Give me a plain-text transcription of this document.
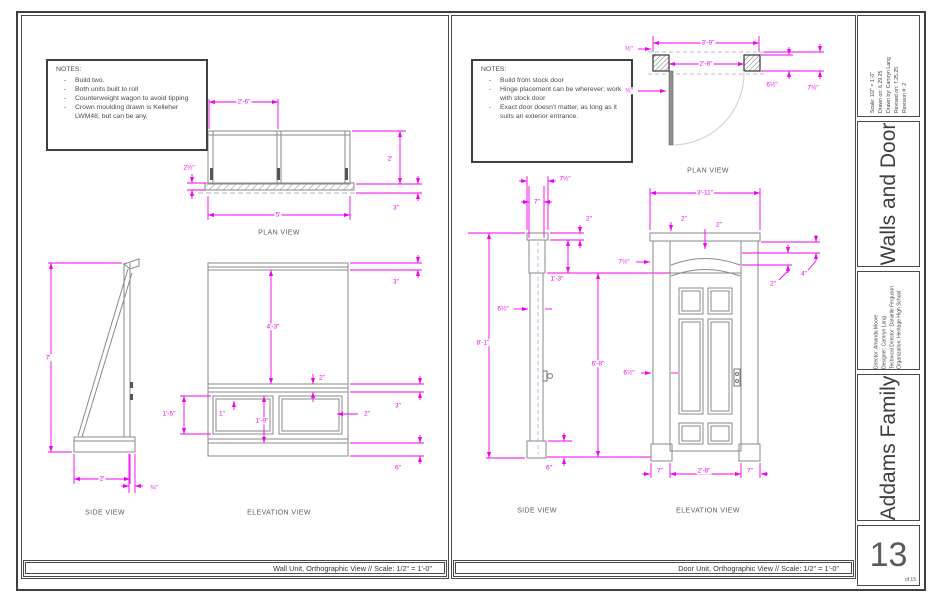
NOTES:
-	Build two.
-	Both units built to roll
-	Counterweight wagon to avoid tipping
-	Crown moulding drawn is Kelleher LWM48, but can be any.
2'-6"
2½"
5'
2'
3"
7'
2'
¾"
3"
4'-3"
2"
1'-5"	1"
1'-9"
2"
3"
6"
PLAN VIEW
SIDE VIEW	ELEVATION VIEW
Wall Unit, Orthographic View // Scale: 1/2" = 1'-0"
NOTES:
-	Build from stock door
-	Hinge placement can be wherever; work with stock door
-	Exact door doesn't matter, as long as it suits an exterior entrance.
3'-9"
2'-8"
½"
½"
6½"	7½"
7½"
7"
2"
1'-3"
6½"
8'-1"
6'-8"
6"
3'-11"
2"
2"
7½"
4"
2"
6½"
7"	2'-8"	7"
PLAN VIEW
SIDE VIEW	ELEVATION VIEW
Door Unit, Orthographic View // Scale: 1/2" = 1'-0"
Scale: 1/2" = 1'-0" Drawn on: 6.29.25 Drawn by: Camryn Lang Revised on: 7.25.25 Revision #: 2
Walls and Door
Director: Amanda Moore Designer: Camryn Lang Technical Director: Danielle Ferguson Organization: Heritage High School
Addams Family
13
of 15
